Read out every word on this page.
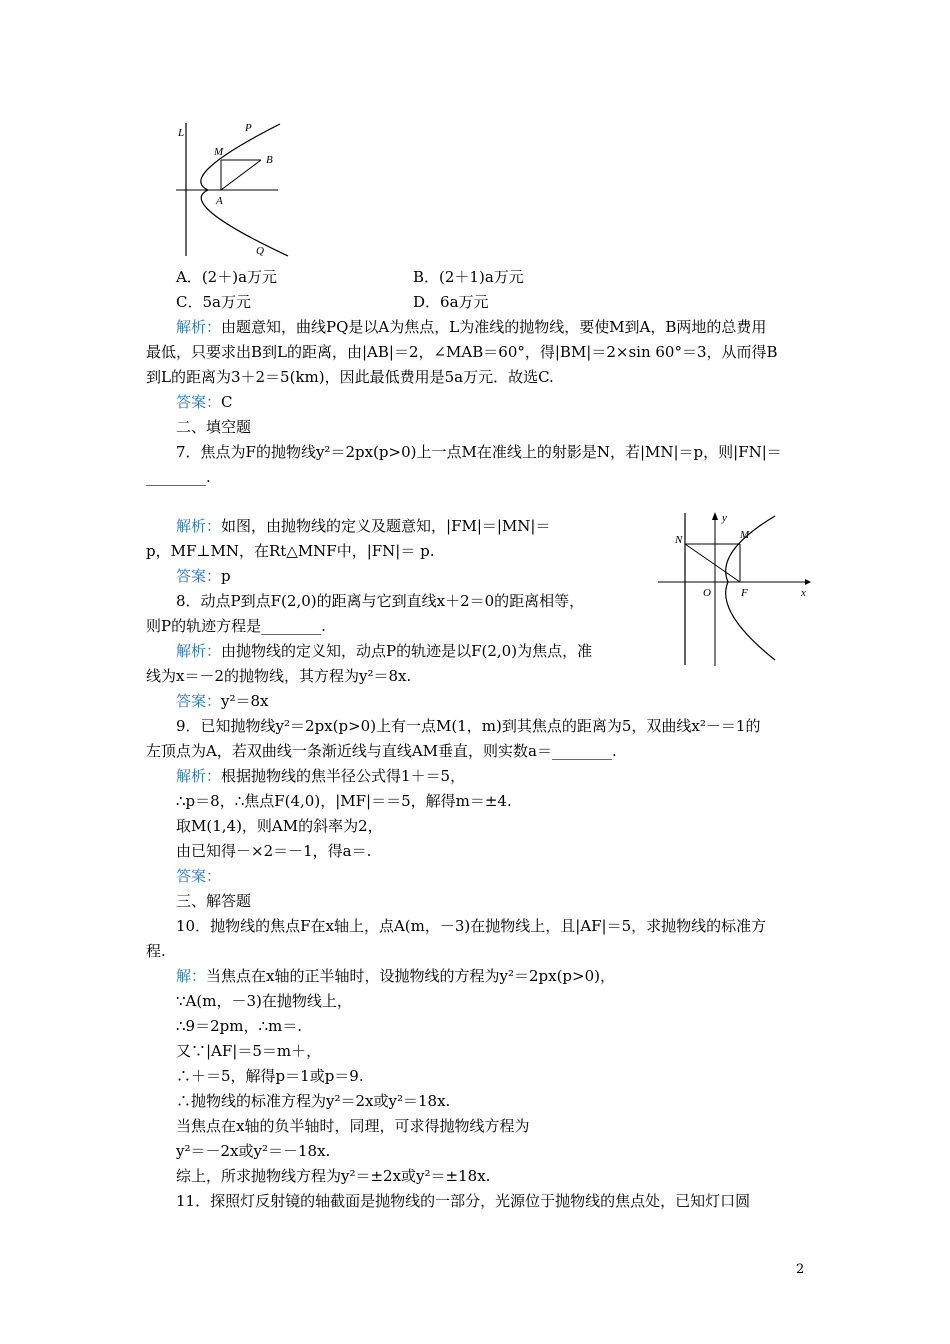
L	P
M
B
A
Q
y
N	M
O	F	x
A．(2＋)a万元	B．(2＋1)a万元
C．5a万元	D．6a万元
解析：由题意知，曲线PQ是以A为焦点，L为准线的抛物线，要使M到A，B两地的总费用
最低，只要求出B到L的距离，由|AB|＝2，∠MAB＝60°，得|BM|＝2×sin 60°＝3，从而得B
到L的距离为3＋2＝5(km)，因此最低费用是5a万元．故选C.
答案：C
二、填空题
7．焦点为F的抛物线y²＝2px(p>0)上一点M在准线上的射影是N，若|MN|＝p，则|FN|＝
________.
解析：如图，由抛物线的定义及题意知，|FM|＝|MN|＝
p，MF⊥MN，在Rt△MNF中，|FN|＝ p.
答案：p
8．动点P到点F(2,0)的距离与它到直线x＋2＝0的距离相等，
则P的轨迹方程是________.
解析：由抛物线的定义知，动点P的轨迹是以F(2,0)为焦点，准
线为x＝－2的抛物线，其方程为y²＝8x.
答案：y²＝8x
9．已知抛物线y²＝2px(p>0)上有一点M(1，m)到其焦点的距离为5，双曲线x²－＝1的
左顶点为A，若双曲线一条渐近线与直线AM垂直，则实数a＝________.
解析：根据抛物线的焦半径公式得1＋＝5，
∴p＝8，∴焦点F(4,0)，|MF|＝＝5，解得m＝±4.
取M(1,4)，则AM的斜率为2，
由已知得－×2＝－1，得a＝.
答案：
三、解答题
10．抛物线的焦点F在x轴上，点A(m，－3)在抛物线上，且|AF|＝5，求抛物线的标准方
程.
解：当焦点在x轴的正半轴时，设抛物线的方程为y²＝2px(p>0)，
∵A(m，－3)在抛物线上，
∴9＝2pm，∴m＝.
又∵|AF|＝5＝m＋，
∴＋＝5，解得p＝1或p＝9.
∴抛物线的标准方程为y²＝2x或y²＝18x.
当焦点在x轴的负半轴时，同理，可求得抛物线方程为
y²＝－2x或y²＝－18x.
综上，所求抛物线方程为y²＝±2x或y²＝±18x.
11．探照灯反射镜的轴截面是抛物线的一部分，光源位于抛物线的焦点处，已知灯口圆
2
